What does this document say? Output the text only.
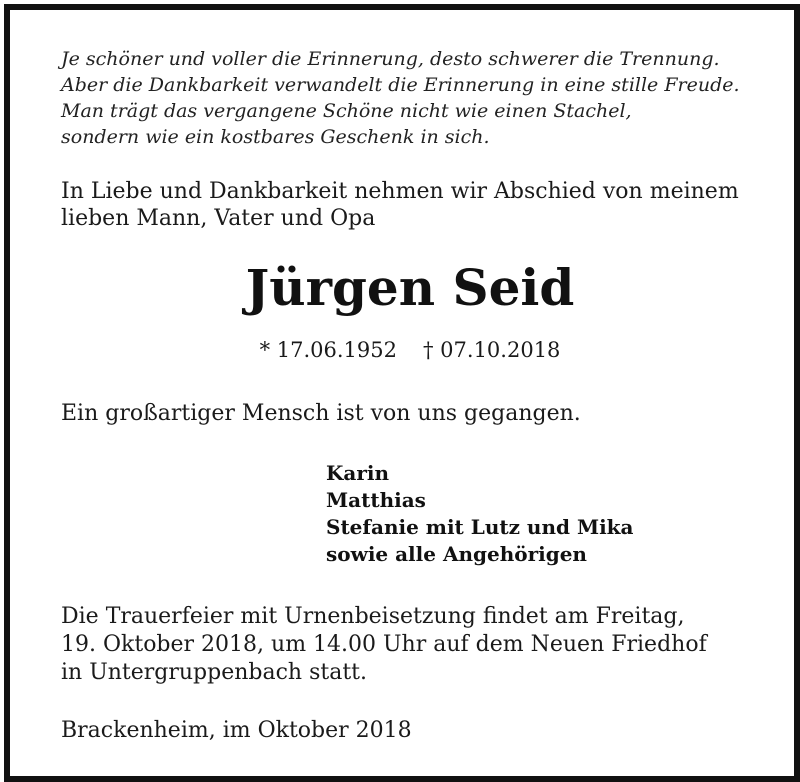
Je schöner und voller die Erinnerung, desto schwerer die Trennung.
Aber die Dankbarkeit verwandelt die Erinnerung in eine stille Freude.
Man trägt das vergangene Schöne nicht wie einen Stachel,
sondern wie ein kostbares Geschenk in sich.
In Liebe und Dankbarkeit nehmen wir Abschied von meinem
lieben Mann, Vater und Opa
Jürgen Seid
* 17.06.1952 † 07.10.2018
Ein großartiger Mensch ist von uns gegangen.
Karin
Matthias
Stefanie mit Lutz und Mika
sowie alle Angehörigen
Die Trauerfeier mit Urnenbeisetzung findet am Freitag,
19. Oktober 2018, um 14.00 Uhr auf dem Neuen Friedhof
in Untergruppenbach statt.
Brackenheim, im Oktober 2018
